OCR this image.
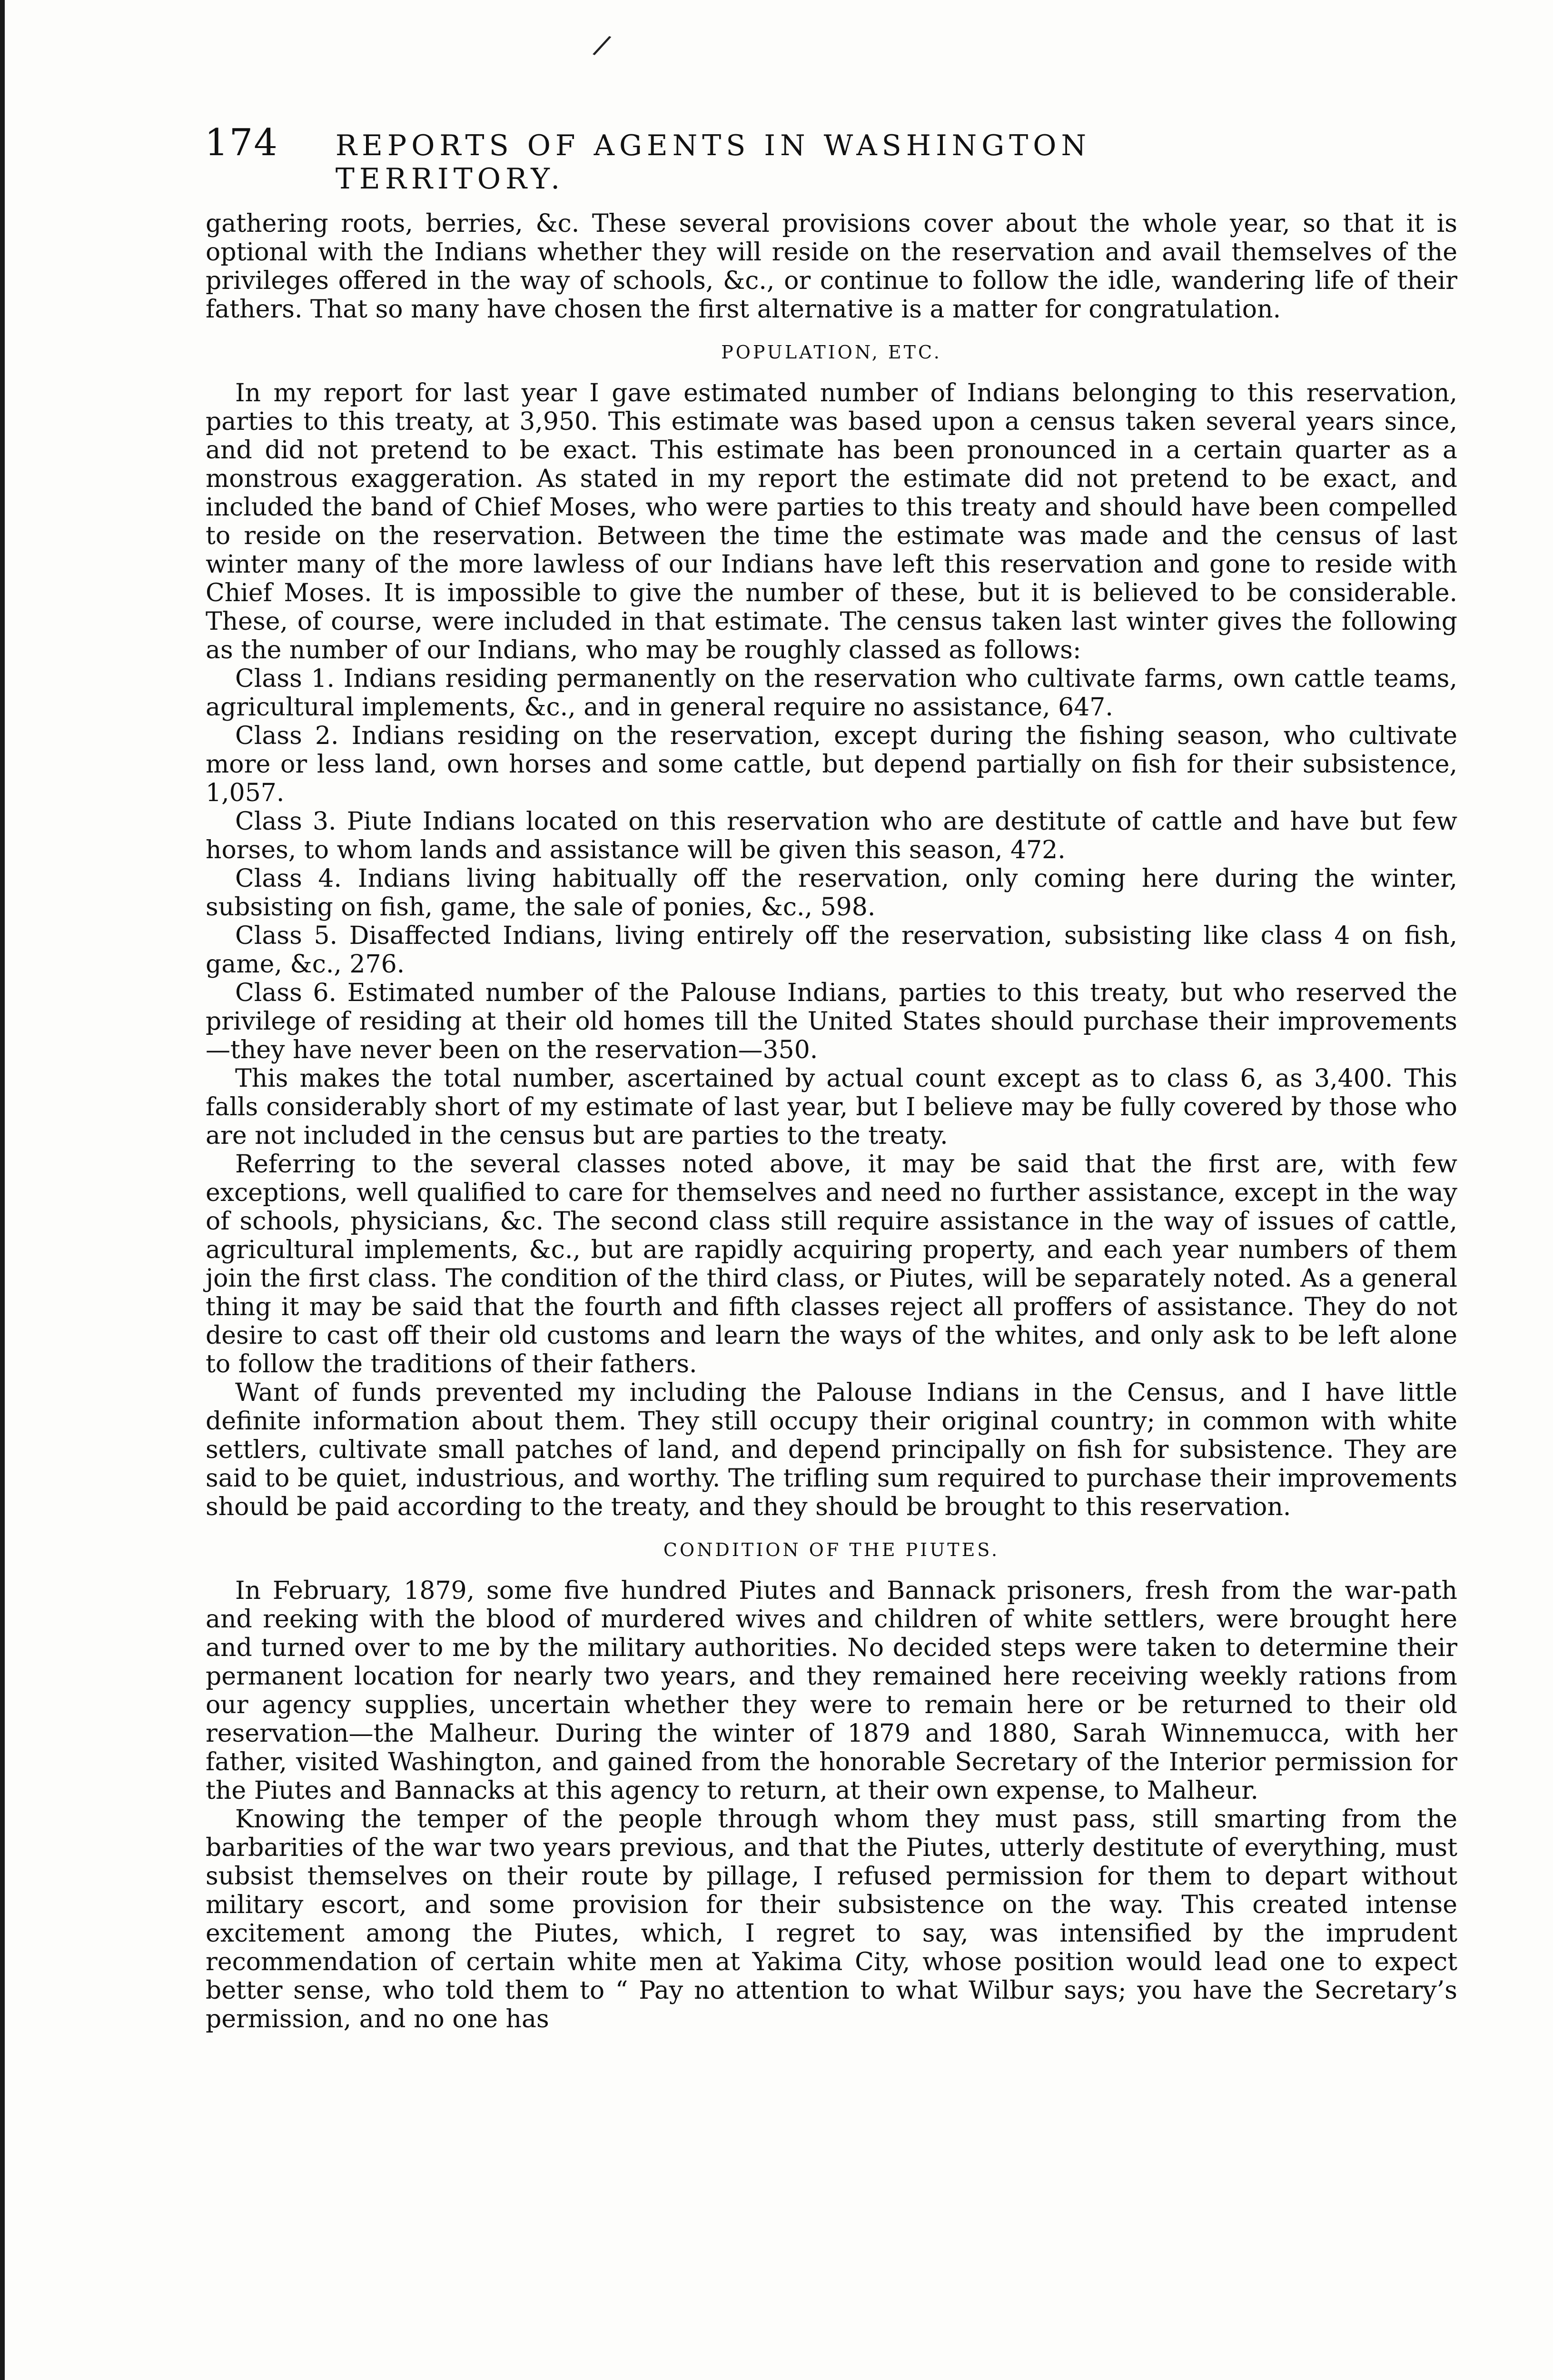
/
174 REPORTS OF AGENTS IN WASHINGTON TERRITORY.

gathering roots, berries, &c. These several provisions cover about the whole year, so that it is optional with the Indians whether they will reside on the reservation and avail themselves of the privileges offered in the way of schools, &c., or continue to follow the idle, wandering life of their fathers. That so many have chosen the first alternative is a matter for congratulation.

POPULATION, ETC.

In my report for last year I gave estimated number of Indians belonging to this reservation, parties to this treaty, at 3,950. This estimate was based upon a census taken several years since, and did not pretend to be exact. This estimate has been pronounced in a certain quarter as a monstrous exaggeration. As stated in my report the estimate did not pretend to be exact, and included the band of Chief Moses, who were parties to this treaty and should have been compelled to reside on the reservation. Between the time the estimate was made and the census of last winter many of the more lawless of our Indians have left this reservation and gone to reside with Chief Moses. It is impossible to give the number of these, but it is believed to be considerable. These, of course, were included in that estimate. The census taken last winter gives the following as the number of our Indians, who may be roughly classed as follows:

Class 1. Indians residing permanently on the reservation who cultivate farms, own cattle teams, agricultural implements, &c., and in general require no assistance, 647.

Class 2. Indians residing on the reservation, except during the fishing season, who cultivate more or less land, own horses and some cattle, but depend partially on fish for their subsistence, 1,057.

Class 3. Piute Indians located on this reservation who are destitute of cattle and have but few horses, to whom lands and assistance will be given this season, 472.

Class 4. Indians living habitually off the reservation, only coming here during the winter, subsisting on fish, game, the sale of ponies, &c., 598.

Class 5. Disaffected Indians, living entirely off the reservation, subsisting like class 4 on fish, game, &c., 276.

Class 6. Estimated number of the Palouse Indians, parties to this treaty, but who reserved the privilege of residing at their old homes till the United States should purchase their improvements—they have never been on the reservation—350.

This makes the total number, ascertained by actual count except as to class 6, as 3,400. This falls considerably short of my estimate of last year, but I believe may be fully covered by those who are not included in the census but are parties to the treaty.

Referring to the several classes noted above, it may be said that the first are, with few exceptions, well qualified to care for themselves and need no further assistance, except in the way of schools, physicians, &c. The second class still require assistance in the way of issues of cattle, agricultural implements, &c., but are rapidly acquiring property, and each year numbers of them join the first class. The condition of the third class, or Piutes, will be separately noted. As a general thing it may be said that the fourth and fifth classes reject all proffers of assistance. They do not desire to cast off their old customs and learn the ways of the whites, and only ask to be left alone to follow the traditions of their fathers.

Want of funds prevented my including the Palouse Indians in the Census, and I have little definite information about them. They still occupy their original country; in common with white settlers, cultivate small patches of land, and depend principally on fish for subsistence. They are said to be quiet, industrious, and worthy. The trifling sum required to purchase their improvements should be paid according to the treaty, and they should be brought to this reservation.

CONDITION OF THE PIUTES.

In February, 1879, some five hundred Piutes and Bannack prisoners, fresh from the war-path and reeking with the blood of murdered wives and children of white settlers, were brought here and turned over to me by the military authorities. No decided steps were taken to determine their permanent location for nearly two years, and they remained here receiving weekly rations from our agency supplies, uncertain whether they were to remain here or be returned to their old reservation—the Malheur. During the winter of 1879 and 1880, Sarah Winnemucca, with her father, visited Washington, and gained from the honorable Secretary of the Interior permission for the Piutes and Bannacks at this agency to return, at their own expense, to Malheur.

Knowing the temper of the people through whom they must pass, still smarting from the barbarities of the war two years previous, and that the Piutes, utterly destitute of everything, must subsist themselves on their route by pillage, I refused permission for them to depart without military escort, and some provision for their subsistence on the way. This created intense excitement among the Piutes, which, I regret to say, was intensified by the imprudent recommendation of certain white men at Yakima City, whose position would lead one to expect better sense, who told them to “ Pay no attention to what Wilbur says; you have the Secretary’s permission, and no one has
